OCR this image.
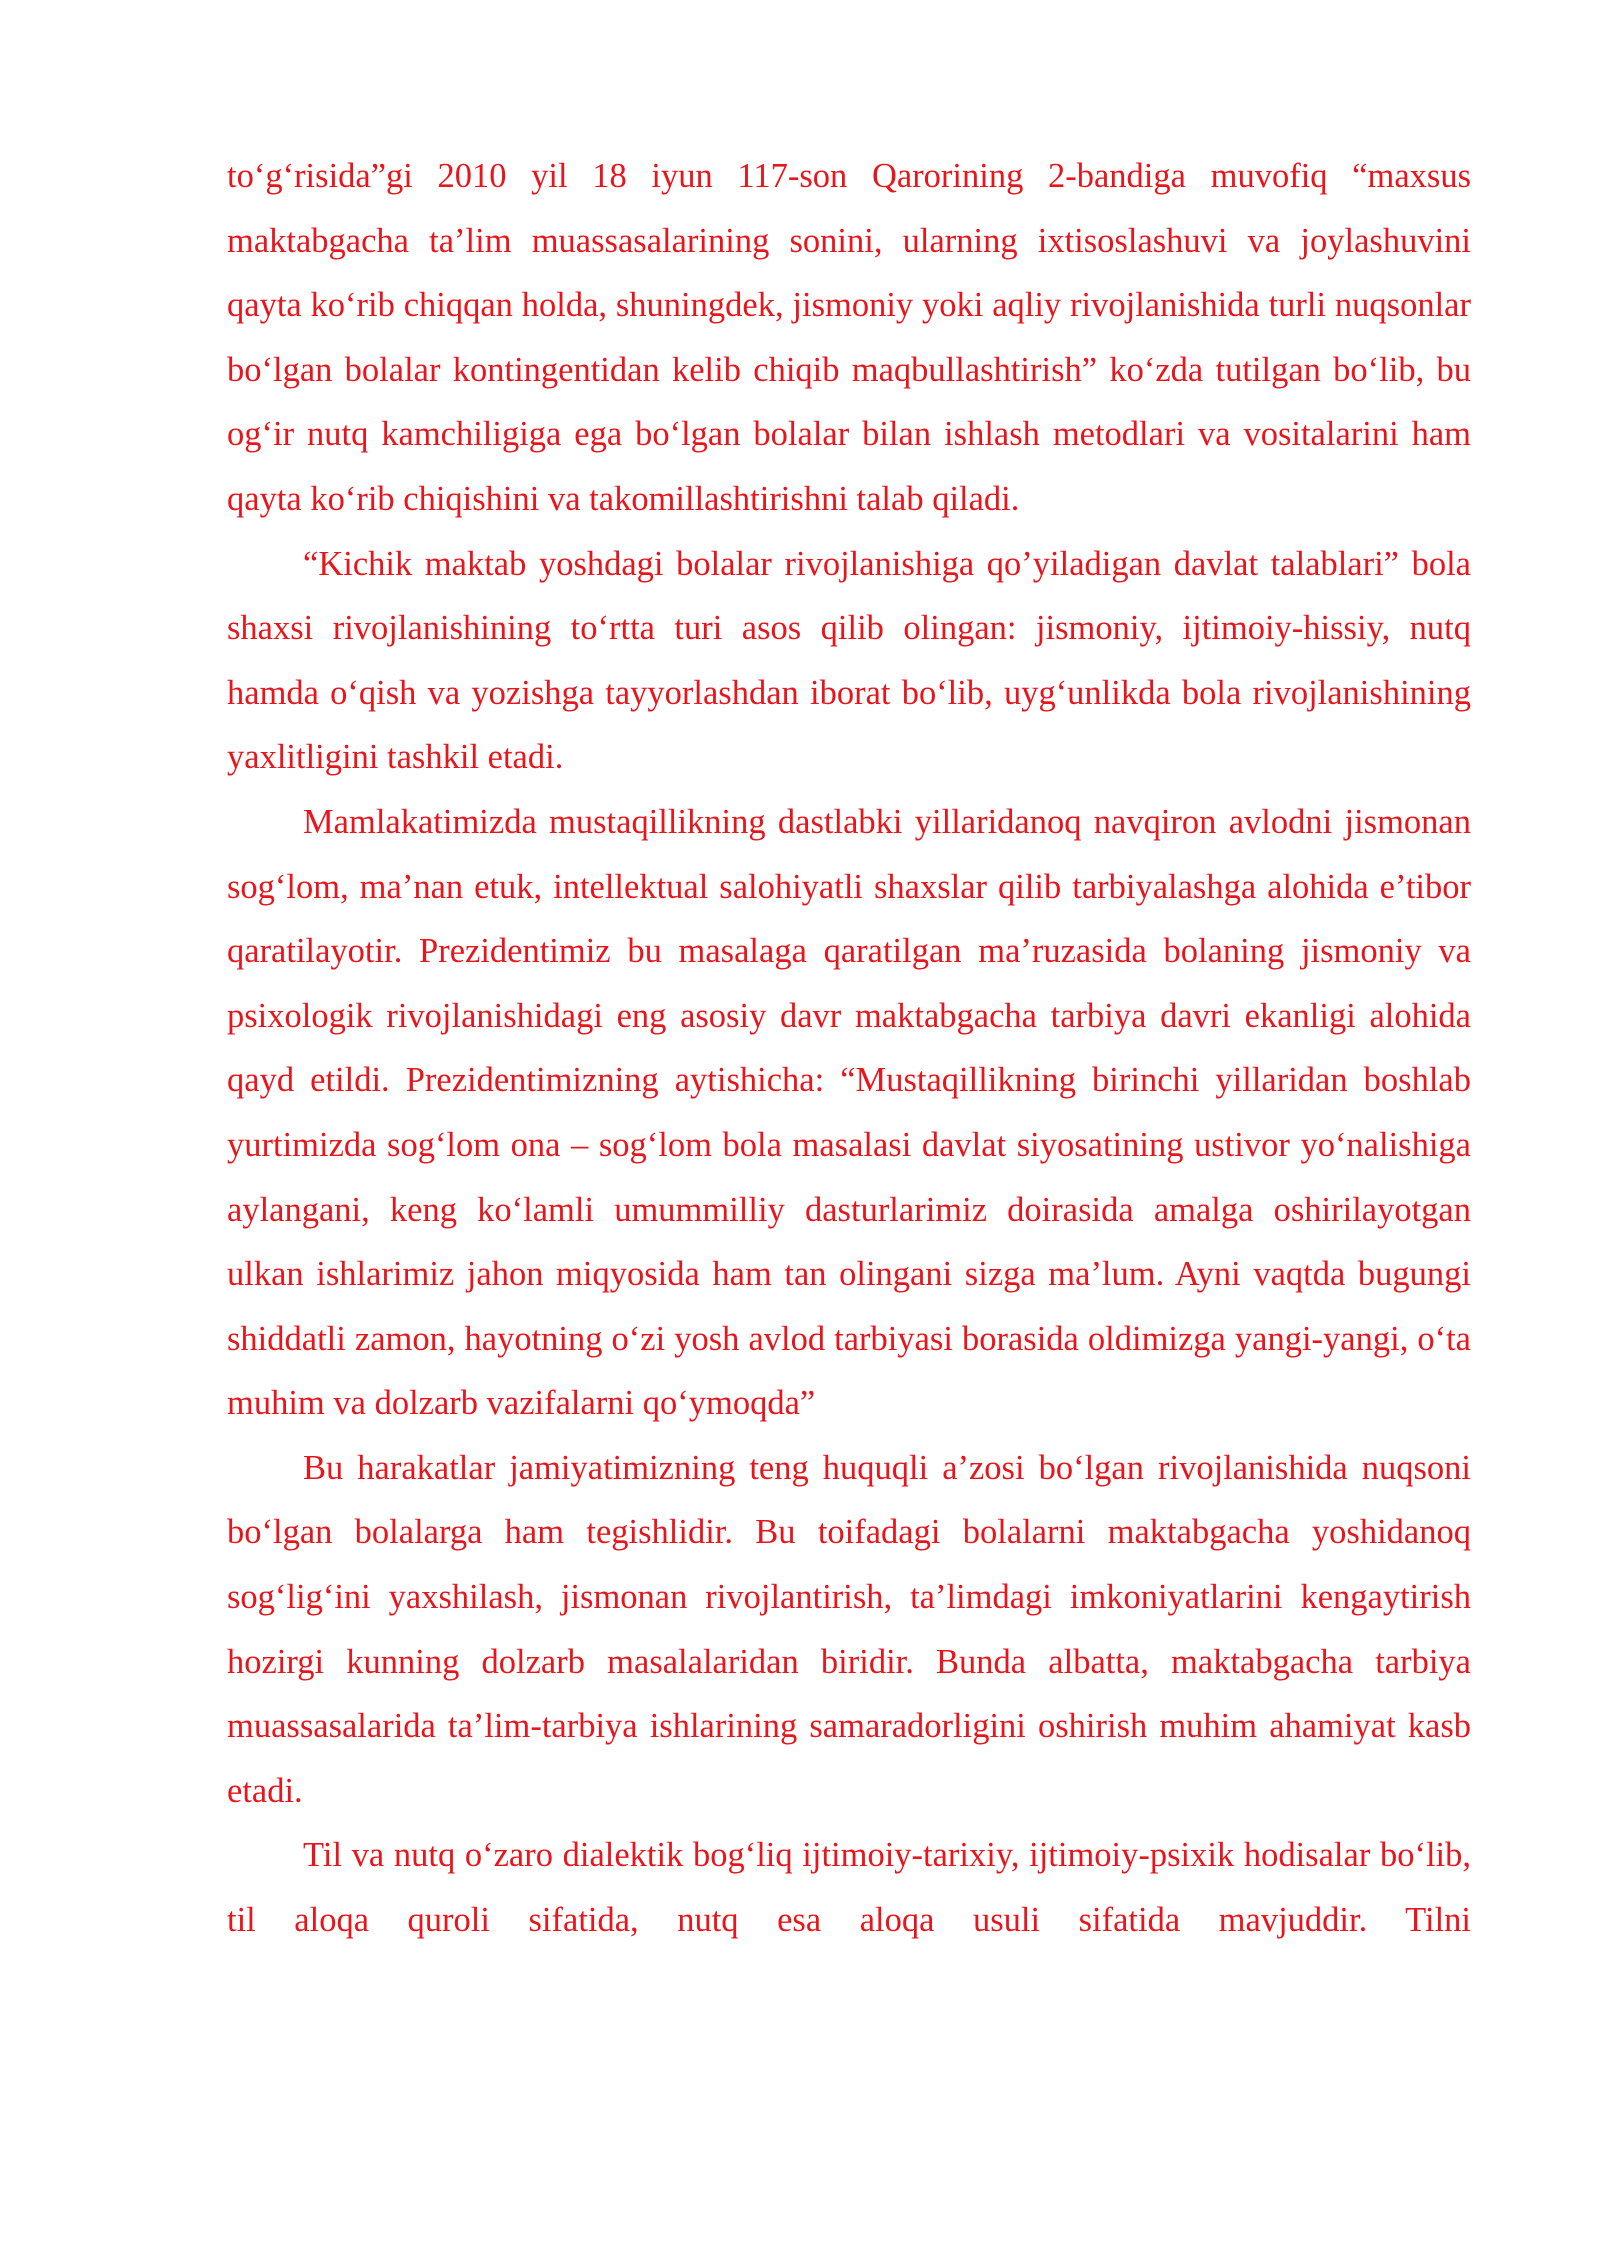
to‘g‘risida”gi 2010 yil 18 iyun 117-son Qarorining 2-bandiga muvofiq “maxsus maktabgacha ta’lim muassasalarining sonini, ularning ixtisoslashuvi va joylashuvini qayta ko‘rib chiqqan holda, shuningdek, jismoniy yoki aqliy rivojlanishida turli nuqsonlar bo‘lgan bolalar kontingentidan kelib chiqib maqbullashtirish” ko‘zda tutilgan bo‘lib, bu og‘ir nutq kamchiligiga ega bo‘lgan bolalar bilan ishlash metodlari va vositalarini ham qayta ko‘rib chiqishini va takomillashtirishni talab qiladi.

“Kichik maktab yoshdagi bolalar rivojlanishiga qo’yiladigan davlat talablari” bola shaxsi rivojlanishining to‘rtta turi asos qilib olingan: jismoniy, ijtimoiy-hissiy, nutq hamda o‘qish va yozishga tayyorlashdan iborat bo‘lib, uyg‘unlikda bola rivojlanishining yaxlitligini tashkil etadi.

Mamlakatimizda mustaqillikning dastlabki yillaridanoq navqiron avlodni jismonan sog‘lom, ma’nan etuk, intellektual salohiyatli shaxslar qilib tarbiyalashga alohida e’tibor qaratilayotir. Prezidentimiz bu masalaga qaratilgan ma’ruzasida bolaning jismoniy va psixologik rivojlanishidagi eng asosiy davr maktabgacha tarbiya davri ekanligi alohida qayd etildi. Prezidentimizning aytishicha: “Mustaqillikning birinchi yillaridan boshlab yurtimizda sog‘lom ona – sog‘lom bola masalasi davlat siyosatining ustivor yo‘nalishiga aylangani, keng ko‘lamli umummilliy dasturlarimiz doirasida amalga oshirilayotgan ulkan ishlarimiz jahon miqyosida ham tan olingani sizga ma’lum. Ayni vaqtda bugungi shiddatli zamon, hayotning o‘zi yosh avlod tarbiyasi borasida oldimizga yangi-yangi, o‘ta muhim va dolzarb vazifalarni qo‘ymoqda”

Bu harakatlar jamiyatimizning teng huquqli a’zosi bo‘lgan rivojlanishida nuqsoni bo‘lgan bolalarga ham tegishlidir. Bu toifadagi bolalarni maktabgacha yoshidanoq sog‘lig‘ini yaxshilash, jismonan rivojlantirish, ta’limdagi imkoniyatlarini kengaytirish hozirgi kunning dolzarb masalalaridan biridir. Bunda albatta, maktabgacha tarbiya muassasalarida ta’lim-tarbiya ishlarining samaradorligini oshirish muhim ahamiyat kasb etadi.

Til va nutq o‘zaro dialektik bog‘liq ijtimoiy-tarixiy, ijtimoiy-psixik hodisalar bo‘lib, til aloqa quroli sifatida, nutq esa aloqa usuli sifatida mavjuddir. Tilni
